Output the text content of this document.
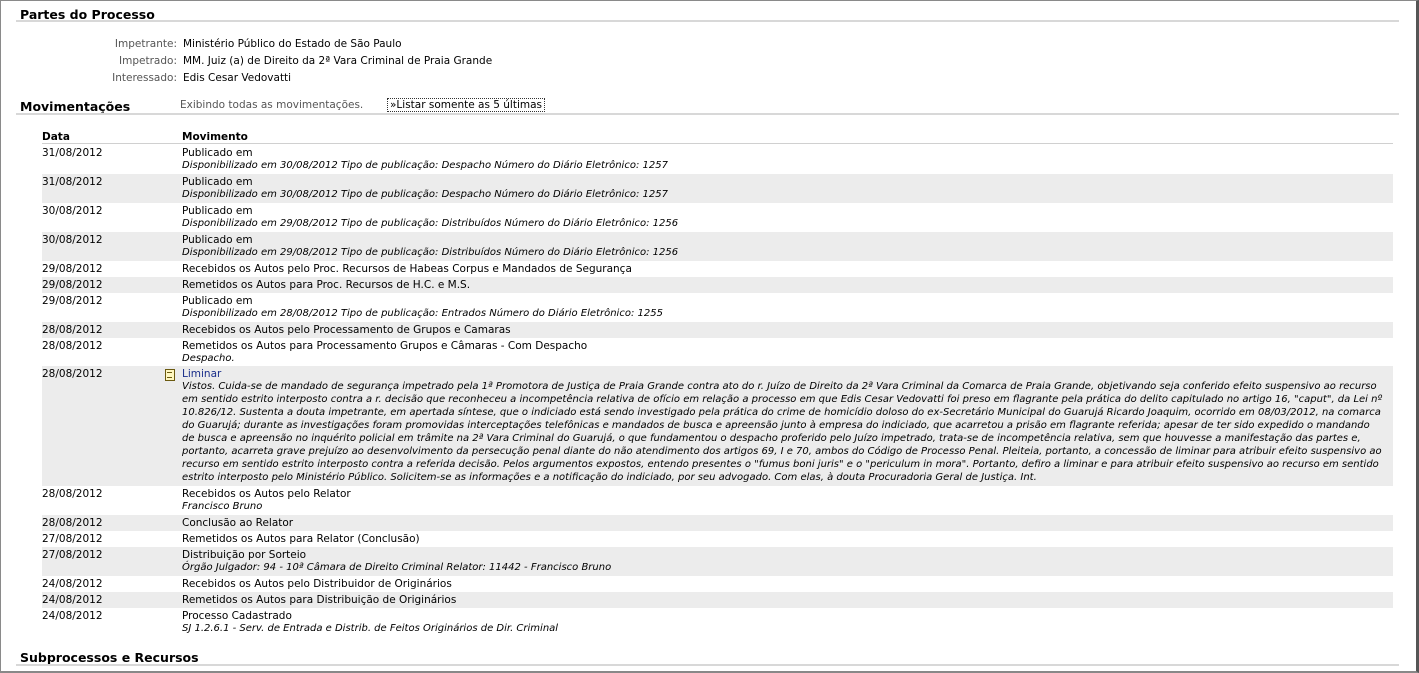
Partes do Processo
Impetrante: Ministério Público do Estado de São Paulo
Impetrado: MM. Juiz (a) de Direito da 2ª Vara Criminal de Praia Grande
Interessado: Edis Cesar Vedovatti
Movimentações	Exibindo todas as movimentações.	»Listar somente as 5 últimas
Data	Movimento
31/08/2012	Publicado em
Disponibilizado em 30/08/2012 Tipo de publicação: Despacho Número do Diário Eletrônico: 1257
31/08/2012	Publicado em
Disponibilizado em 30/08/2012 Tipo de publicação: Despacho Número do Diário Eletrônico: 1257
30/08/2012	Publicado em
Disponibilizado em 29/08/2012 Tipo de publicação: Distribuídos Número do Diário Eletrônico: 1256
30/08/2012	Publicado em
Disponibilizado em 29/08/2012 Tipo de publicação: Distribuídos Número do Diário Eletrônico: 1256
29/08/2012	Recebidos os Autos pelo Proc. Recursos de Habeas Corpus e Mandados de Segurança
29/08/2012	Remetidos os Autos para Proc. Recursos de H.C. e M.S.
29/08/2012	Publicado em
Disponibilizado em 28/08/2012 Tipo de publicação: Entrados Número do Diário Eletrônico: 1255
28/08/2012	Recebidos os Autos pelo Processamento de Grupos e Camaras
28/08/2012	Remetidos os Autos para Processamento Grupos e Câmaras - Com Despacho
Despacho.
28/08/2012	Liminar
Vistos. Cuida-se de mandado de segurança impetrado pela 1ª Promotora de Justiça de Praia Grande contra ato do r. Juízo de Direito da 2ª Vara Criminal da Comarca de Praia Grande, objetivando seja conferido efeito suspensivo ao recurso em sentido estrito interposto contra a r. decisão que reconheceu a incompetência relativa de ofício em relação a processo em que Edis Cesar Vedovatti foi preso em flagrante pela prática do delito capitulado no artigo 16, "caput", da Lei nº 10.826/12. Sustenta a douta impetrante, em apertada síntese, que o indiciado está sendo investigado pela prática do crime de homicídio doloso do ex-Secretário Municipal do Guarujá Ricardo Joaquim, ocorrido em 08/03/2012, na comarca do Guarujá; durante as investigações foram promovidas interceptações telefônicas e mandados de busca e apreensão junto à empresa do indiciado, que acarretou a prisão em flagrante referida; apesar de ter sido expedido o mandando de busca e apreensão no inquérito policial em trâmite na 2ª Vara Criminal do Guarujá, o que fundamentou o despacho proferido pelo Juízo impetrado, trata-se de incompetência relativa, sem que houvesse a manifestação das partes e, portanto, acarreta grave prejuízo ao desenvolvimento da persecução penal diante do não atendimento dos artigos 69, I e 70, ambos do Código de Processo Penal. Pleiteia, portanto, a concessão de liminar para atribuir efeito suspensivo ao recurso em sentido estrito interposto contra a referida decisão. Pelos argumentos expostos, entendo presentes o "fumus boni juris" e o "periculum in mora". Portanto, defiro a liminar e para atribuir efeito suspensivo ao recurso em sentido estrito interposto pelo Ministério Público. Solicitem-se as informações e a notificação do indiciado, por seu advogado. Com elas, à douta Procuradoria Geral de Justiça. Int.
28/08/2012	Recebidos os Autos pelo Relator
Francisco Bruno
28/08/2012	Conclusão ao Relator
27/08/2012	Remetidos os Autos para Relator (Conclusão)
27/08/2012	Distribuição por Sorteio
Órgão Julgador: 94 - 10ª Câmara de Direito Criminal Relator: 11442 - Francisco Bruno
24/08/2012	Recebidos os Autos pelo Distribuidor de Originários
24/08/2012	Remetidos os Autos para Distribuição de Originários
24/08/2012	Processo Cadastrado
SJ 1.2.6.1 - Serv. de Entrada e Distrib. de Feitos Originários de Dir. Criminal
Subprocessos e Recursos
